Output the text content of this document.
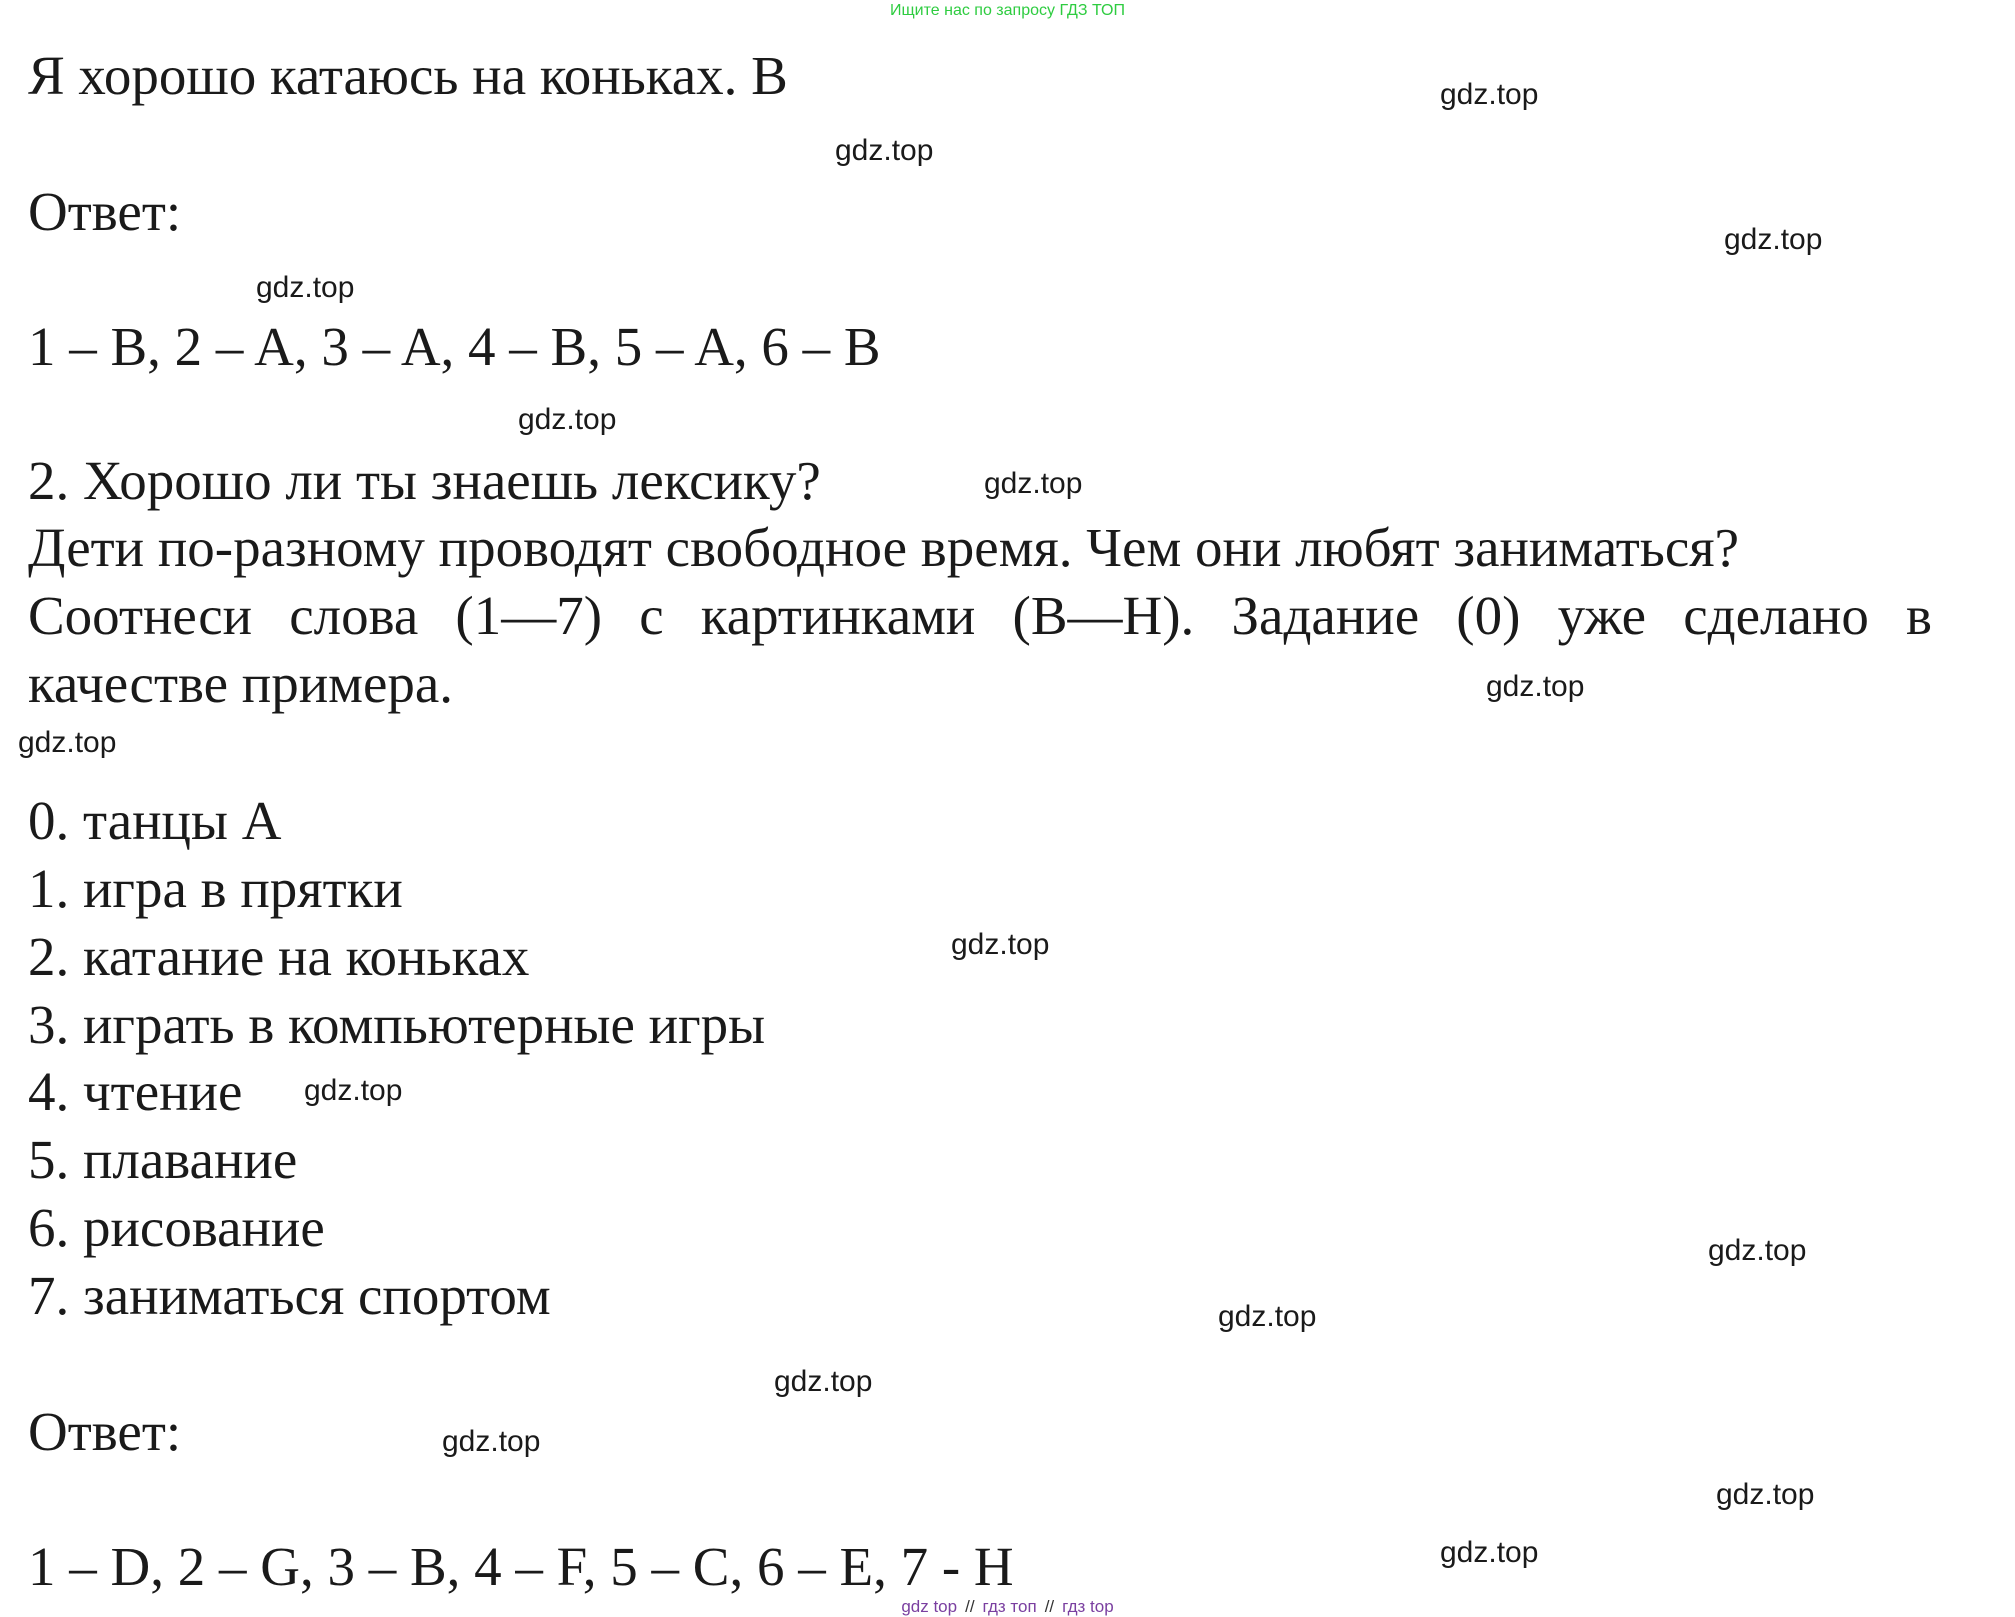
Ищите нас по запросу ГДЗ ТОП
Я хорошо катаюсь на коньках. B
Ответ:
1 – B, 2 – A, 3 – A, 4 – B, 5 – A, 6 – B
2. Хорошо ли ты знаешь лексику?
Дети по-разному проводят свободное время. Чем они любят заниматься?
Соотнеси слова (1—7) с картинками (B—H). Задание (0) уже сделано в
качестве примера.
0. танцы A
1. игра в прятки
2. катание на коньках
3. играть в компьютерные игры
4. чтение
5. плавание
6. рисование
7. заниматься спортом
Ответ:
1 – D, 2 – G, 3 – B, 4 – F, 5 – C, 6 – E, 7 - H
gdz.top
gdz.top
gdz.top
gdz.top
gdz.top
gdz.top
gdz.top
gdz.top
gdz.top
gdz.top
gdz.top
gdz.top
gdz.top
gdz.top
gdz.top
gdz.top
gdz top // гдз топ // гдз top
